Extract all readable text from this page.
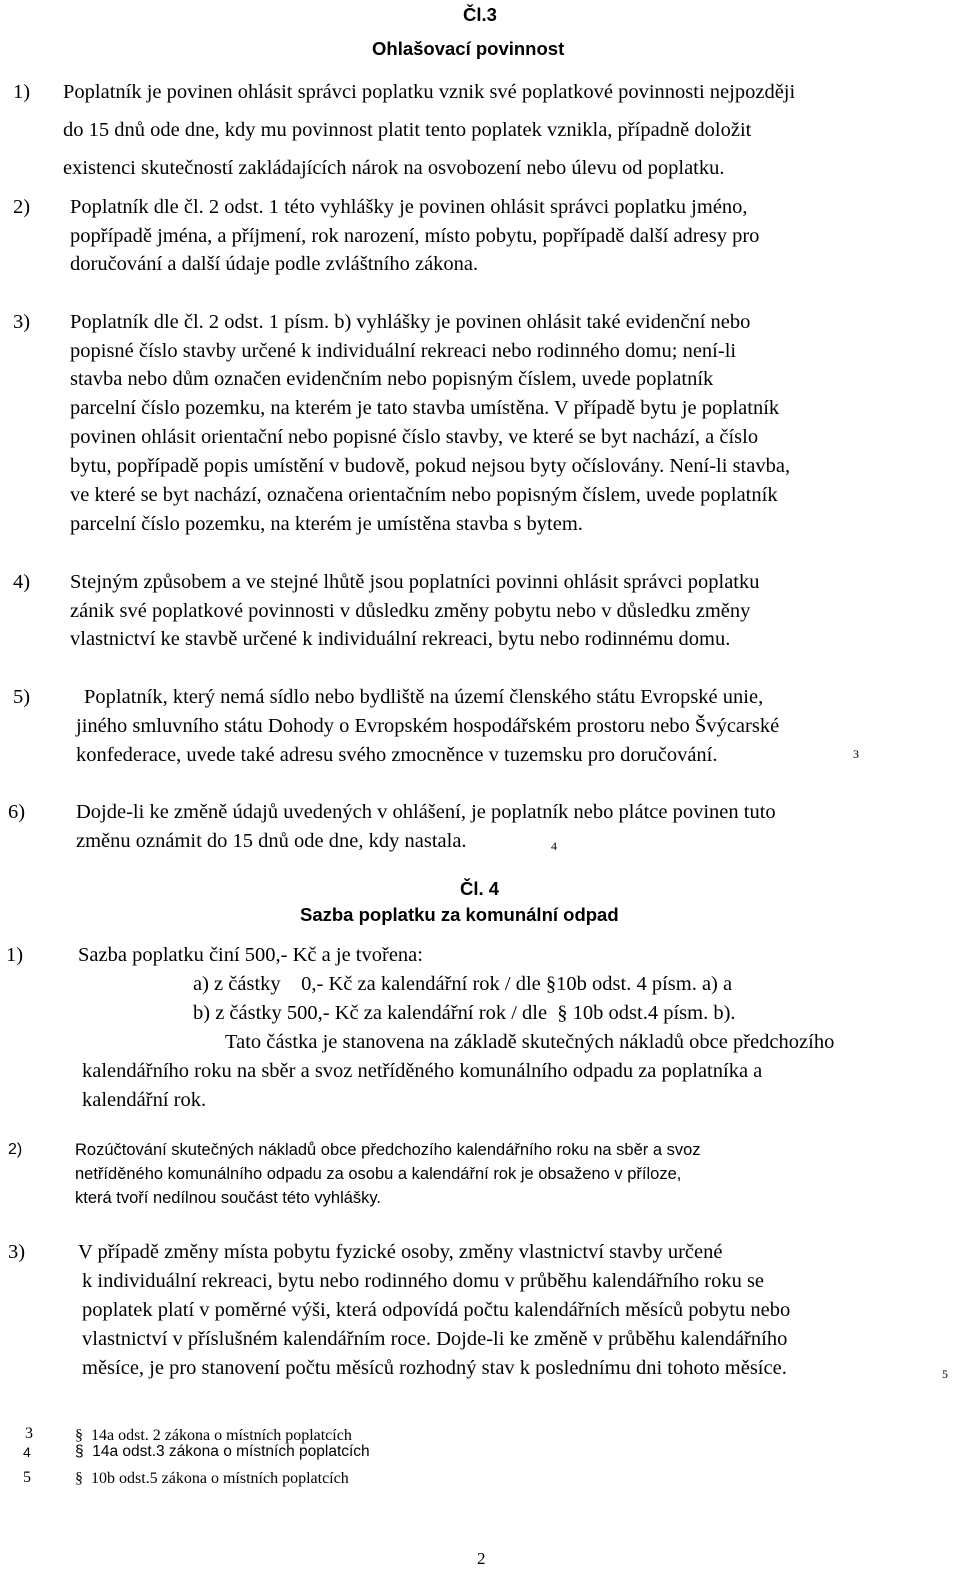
Čl.3
Ohlašovací povinnost
1) Poplatník je povinen ohlásit správci poplatku vznik své poplatkové povinnosti nejpozději
do 15 dnů ode dne, kdy mu povinnost platit tento poplatek vznikla, případně doložit
existenci skutečností zakládajících nárok na osvobození nebo úlevu od poplatku.
2) Poplatník dle čl. 2 odst. 1 této vyhlášky je povinen ohlásit správci poplatku jméno,
popřípadě jména, a příjmení, rok narození, místo pobytu, popřípadě další adresy pro
doručování a další údaje podle zvláštního zákona.
3) Poplatník dle čl. 2 odst. 1 písm. b) vyhlášky je povinen ohlásit také evidenční nebo
popisné číslo stavby určené k individuální rekreaci nebo rodinného domu; není-li
stavba nebo dům označen evidenčním nebo popisným číslem, uvede poplatník
parcelní číslo pozemku, na kterém je tato stavba umístěna. V případě bytu je poplatník
povinen ohlásit orientační nebo popisné číslo stavby, ve které se byt nachází, a číslo
bytu, popřípadě popis umístění v budově, pokud nejsou byty očíslovány. Není-li stavba,
ve které se byt nachází, označena orientačním nebo popisným číslem, uvede poplatník
parcelní číslo pozemku, na kterém je umístěna stavba s bytem.
4) Stejným způsobem a ve stejné lhůtě jsou poplatníci povinni ohlásit správci poplatku
zánik své poplatkové povinnosti v důsledku změny pobytu nebo v důsledku změny
vlastnictví ke stavbě určené k individuální rekreaci, bytu nebo rodinnému domu.
5)	Poplatník, který nemá sídlo nebo bydliště na území členského státu Evropské unie,
jiného smluvního státu Dohody o Evropském hospodářském prostoru nebo Švýcarské
konfederace, uvede také adresu svého zmocněnce v tuzemsku pro doručování.	3
6) Dojde-li ke změně údajů uvedených v ohlášení, je poplatník nebo plátce povinen tuto
změnu oznámit do 15 dnů ode dne, kdy nastala.	4
Čl. 4
Sazba poplatku za komunální odpad
1)	Sazba poplatku činí 500,- Kč a je tvořena:
a) z částky    0,- Kč za kalendářní rok / dle §10b odst. 4 písm. a) a
b) z částky 500,- Kč za kalendářní rok / dle  § 10b odst.4 písm. b).
Tato částka je stanovena na základě skutečných nákladů obce předchozího
kalendářního roku na sběr a svoz netříděného komunálního odpadu za poplatníka a
kalendářní rok.
2)	Rozúčtování skutečných nákladů obce předchozího kalendářního roku na sběr a svoz
netříděného komunálního odpadu za osobu a kalendářní rok je obsaženo v příloze,
která tvoří nedílnou součást této vyhlášky.
3)	V případě změny místa pobytu fyzické osoby, změny vlastnictví stavby určené
k individuální rekreaci, bytu nebo rodinného domu v průběhu kalendářního roku se
poplatek platí v poměrné výši, která odpovídá počtu kalendářních měsíců pobytu nebo
vlastnictví v příslušném kalendářním roce. Dojde-li ke změně v průběhu kalendářního
měsíce, je pro stanovení počtu měsíců rozhodný stav k poslednímu dni tohoto měsíce.	5
3	§  14a odst. 2 zákona o místních poplatcích
4	§  14a odst.3 zákona o místních poplatcích
5	§  10b odst.5 zákona o místních poplatcích
2
